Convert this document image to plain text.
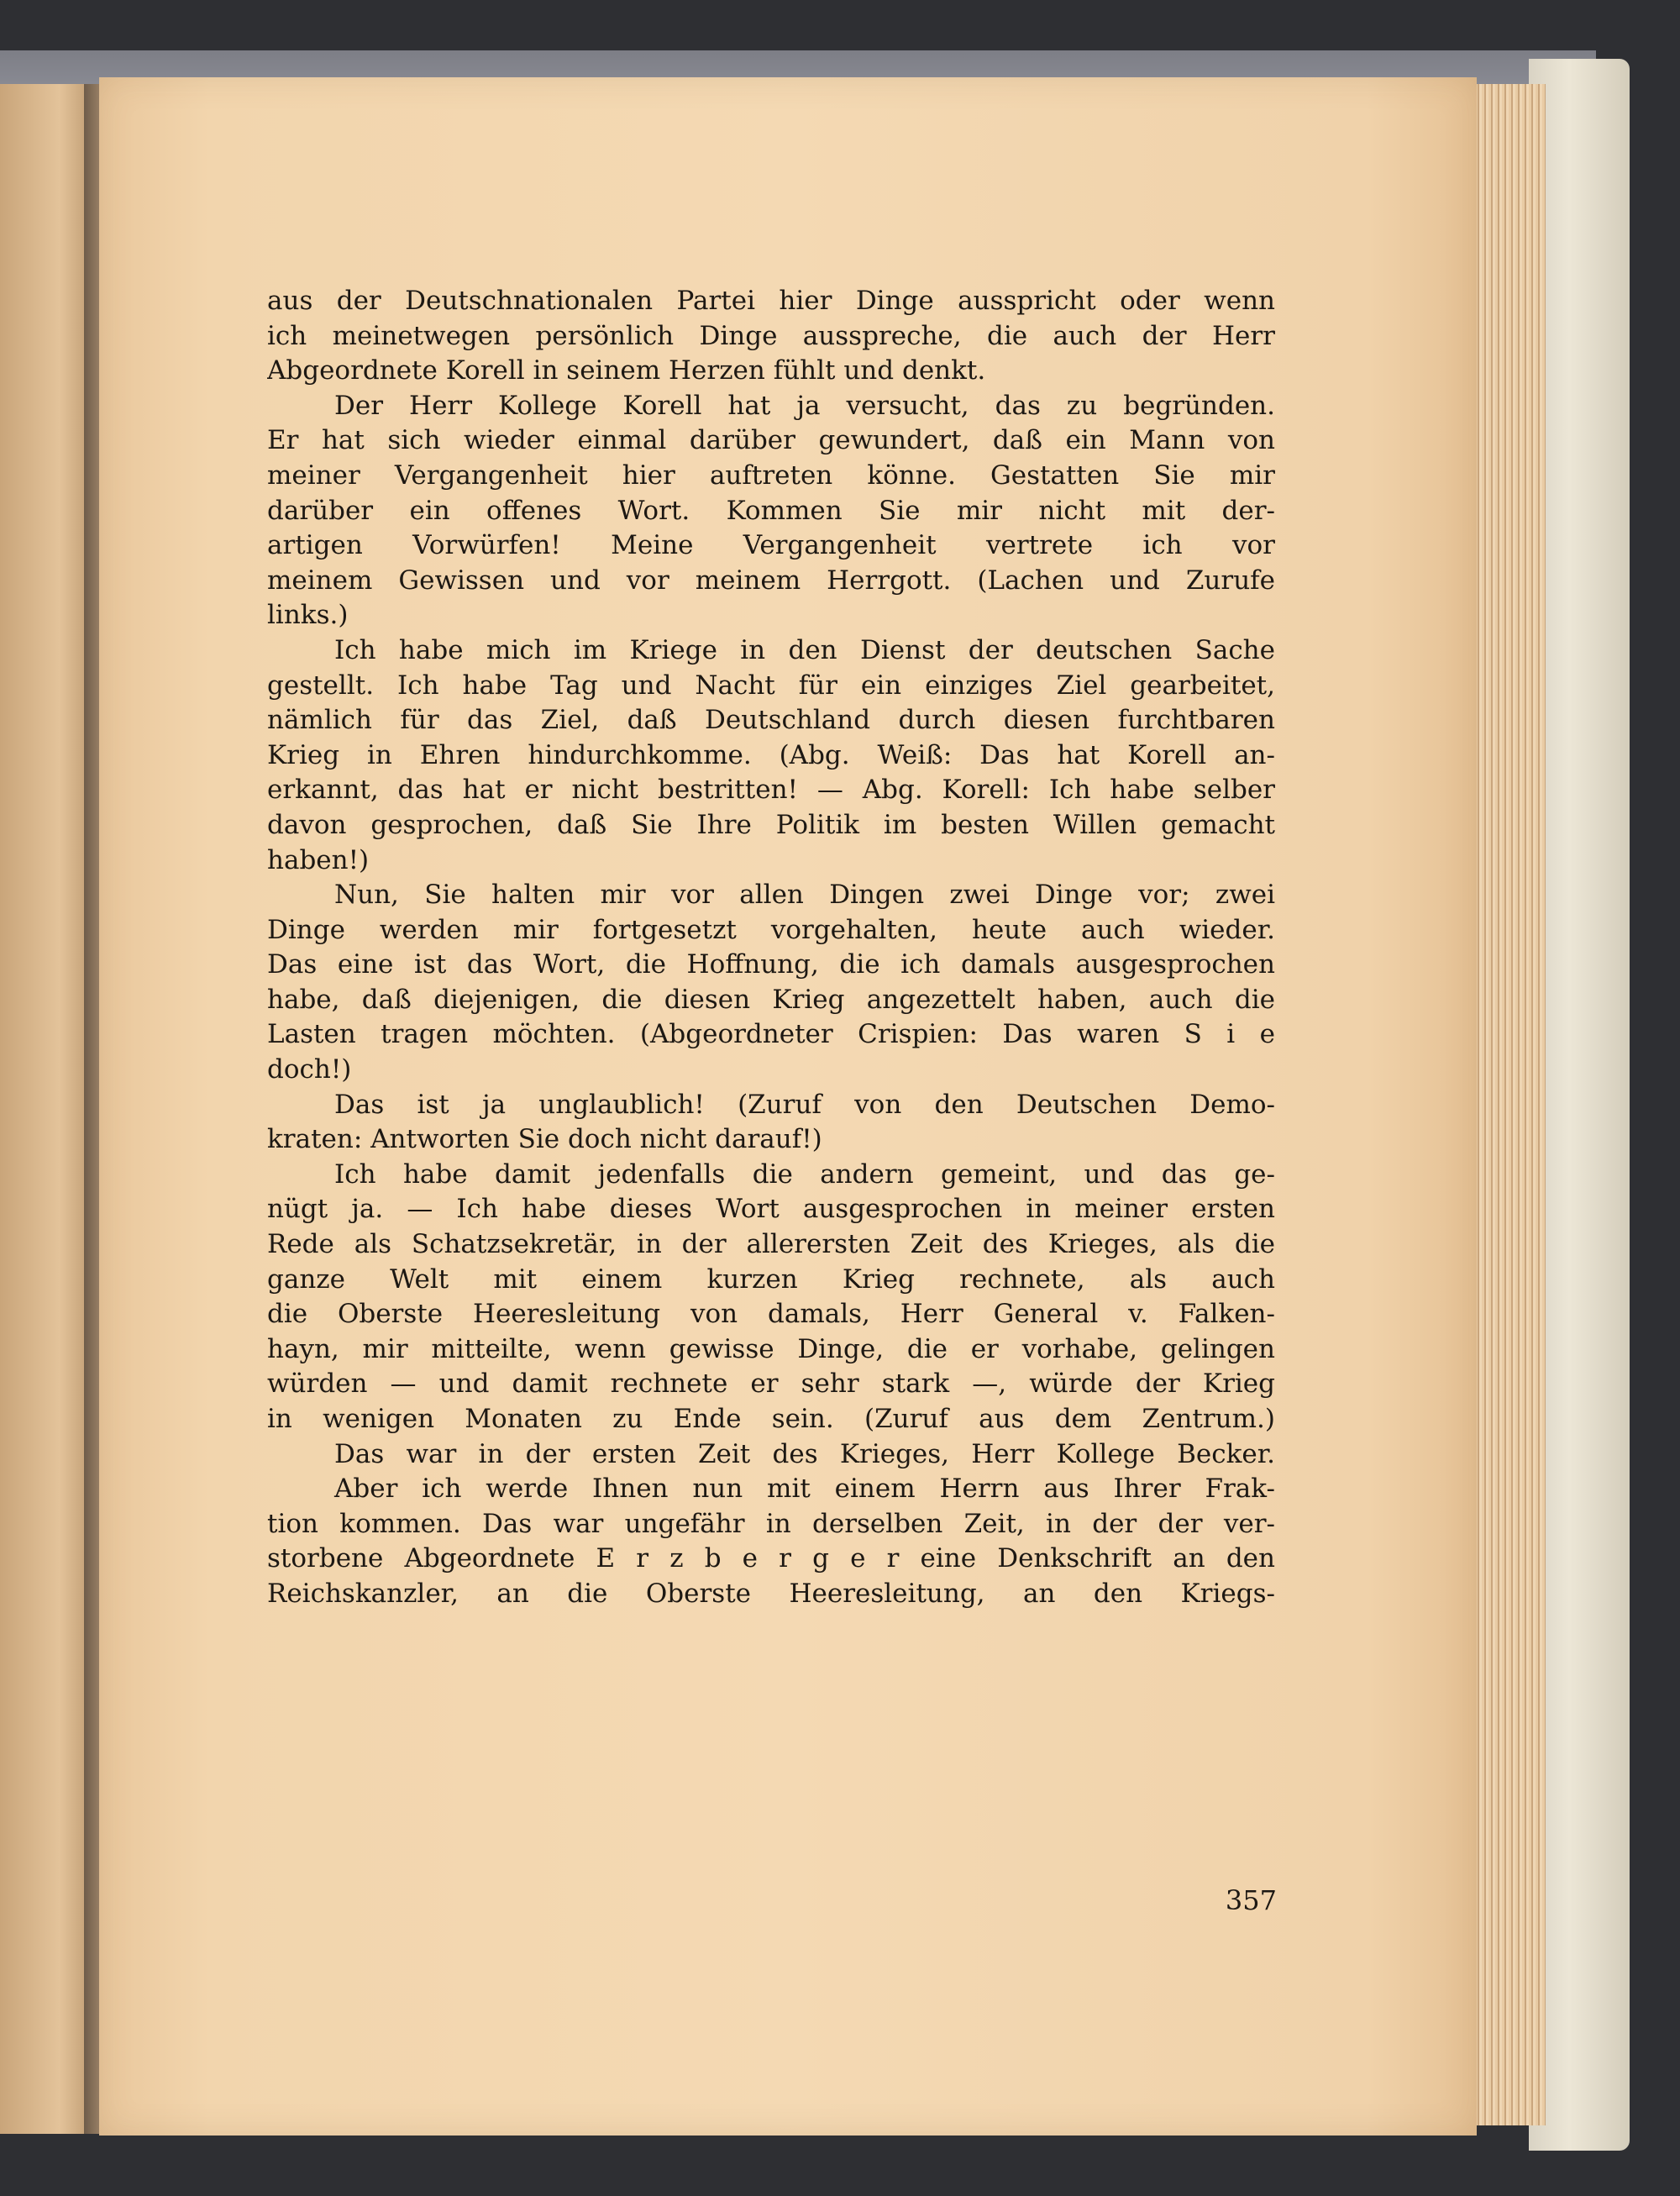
aus der Deutschnationalen Partei hier Dinge ausspricht oder wenn
ich meinetwegen persönlich Dinge ausspreche, die auch der Herr
Abgeordnete Korell in seinem Herzen fühlt und denkt.
Der Herr Kollege Korell hat ja versucht, das zu begründen.
Er hat sich wieder einmal darüber gewundert, daß ein Mann von
meiner Vergangenheit hier auftreten könne. Gestatten Sie mir
darüber ein offenes Wort. Kommen Sie mir nicht mit der-
artigen Vorwürfen! Meine Vergangenheit vertrete ich vor
meinem Gewissen und vor meinem Herrgott. (Lachen und Zurufe
links.)
Ich habe mich im Kriege in den Dienst der deutschen Sache
gestellt. Ich habe Tag und Nacht für ein einziges Ziel gearbeitet,
nämlich für das Ziel, daß Deutschland durch diesen furchtbaren
Krieg in Ehren hindurchkomme. (Abg. Weiß: Das hat Korell an-
erkannt, das hat er nicht bestritten! — Abg. Korell: Ich habe selber
davon gesprochen, daß Sie Ihre Politik im besten Willen gemacht
haben!)
Nun, Sie halten mir vor allen Dingen zwei Dinge vor; zwei
Dinge werden mir fortgesetzt vorgehalten, heute auch wieder.
Das eine ist das Wort, die Hoffnung, die ich damals ausgesprochen
habe, daß diejenigen, die diesen Krieg angezettelt haben, auch die
Lasten tragen möchten. (Abgeordneter Crispien: Das waren S i e
doch!)
Das ist ja unglaublich! (Zuruf von den Deutschen Demo-
kraten: Antworten Sie doch nicht darauf!)
Ich habe damit jedenfalls die andern gemeint, und das ge-
nügt ja. — Ich habe dieses Wort ausgesprochen in meiner ersten
Rede als Schatzsekretär, in der allerersten Zeit des Krieges, als die
ganze Welt mit einem kurzen Krieg rechnete, als auch
die Oberste Heeresleitung von damals, Herr General v. Falken-
hayn, mir mitteilte, wenn gewisse Dinge, die er vorhabe, gelingen
würden — und damit rechnete er sehr stark —, würde der Krieg
in wenigen Monaten zu Ende sein. (Zuruf aus dem Zentrum.)
Das war in der ersten Zeit des Krieges, Herr Kollege Becker.
Aber ich werde Ihnen nun mit einem Herrn aus Ihrer Frak-
tion kommen. Das war ungefähr in derselben Zeit, in der der ver-
storbene Abgeordnete E r z b e r g e r eine Denkschrift an den
Reichskanzler, an die Oberste Heeresleitung, an den Kriegs-
357
